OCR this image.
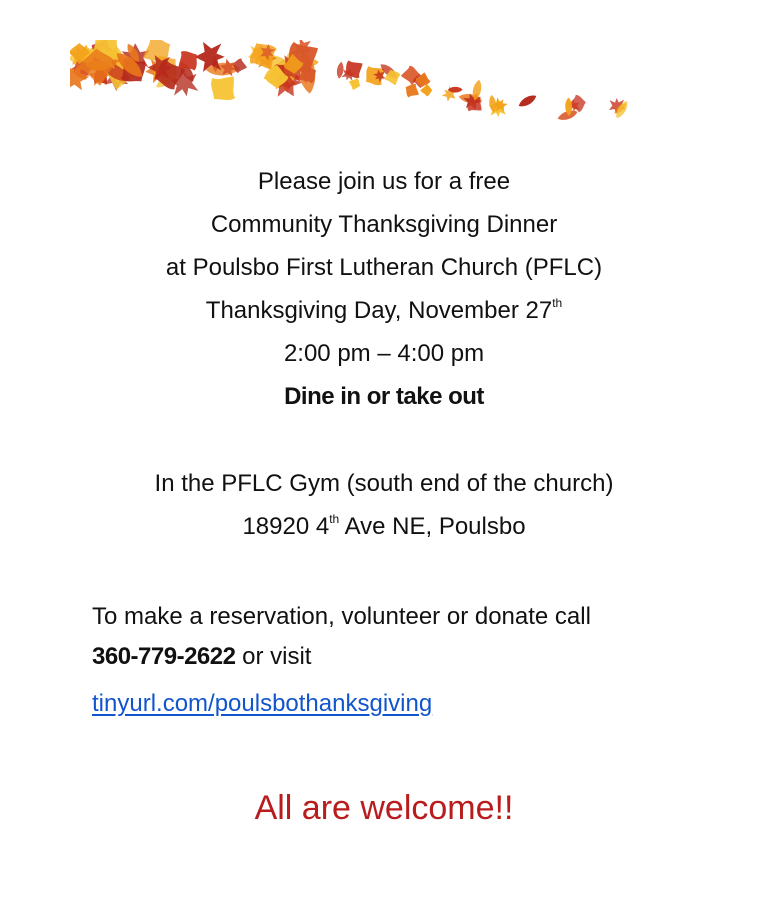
Please join us for a free
Community Thanksgiving Dinner
at Poulsbo First Lutheran Church (PFLC)
Thanksgiving Day, November 27th
2:00 pm – 4:00 pm
Dine in or take out
In the PFLC Gym (south end of the church)
18920 4th Ave NE, Poulsbo
To make a reservation, volunteer or donate call
360-779-2622 or visit
tinyurl.com/poulsbothanksgiving
All are welcome!!
